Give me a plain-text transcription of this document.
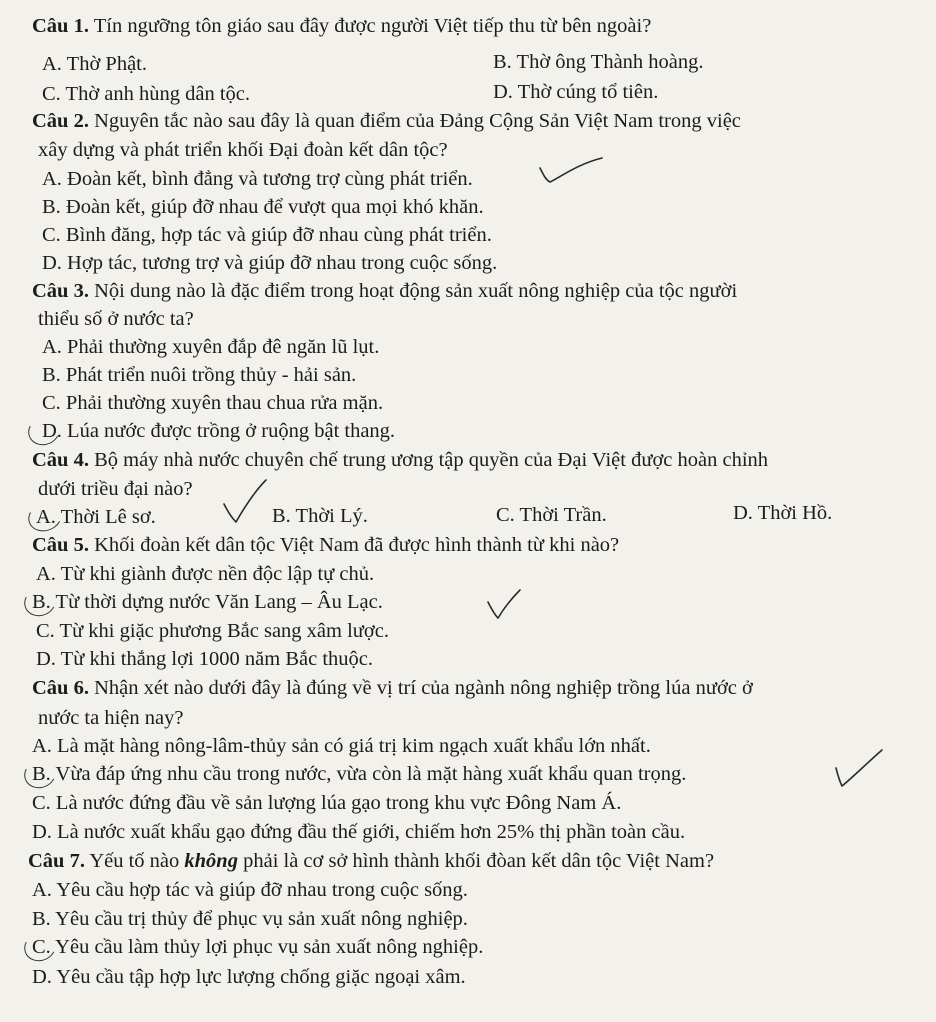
Câu 1. Tín ngưỡng tôn giáo sau đây được người Việt tiếp thu từ bên ngoài?
A. Thờ Phật.	B. Thờ ông Thành hoàng.
C. Thờ anh hùng dân tộc.	D. Thờ cúng tổ tiên.
Câu 2. Nguyên tắc nào sau đây là quan điểm của Đảng Cộng Sản Việt Nam trong việc
xây dựng và phát triển khối Đại đoàn kết dân tộc?
A. Đoàn kết, bình đẳng và tương trợ cùng phát triển.
B. Đoàn kết, giúp đỡ nhau để vượt qua mọi khó khăn.
C. Bình đăng, hợp tác và giúp đỡ nhau cùng phát triển.
D. Hợp tác, tương trợ và giúp đỡ nhau trong cuộc sống.
Câu 3. Nội dung nào là đặc điểm trong hoạt động sản xuất nông nghiệp của tộc người
thiểu số ở nước ta?
A. Phải thường xuyên đắp đê ngăn lũ lụt.
B. Phát triển nuôi trồng thủy - hải sản.
C. Phải thường xuyên thau chua rửa mặn.
D. Lúa nước được trồng ở ruộng bật thang.
Câu 4. Bộ máy nhà nước chuyên chế trung ương tập quyền của Đại Việt được hoàn chỉnh
dưới triều đại nào?
A. Thời Lê sơ.	B. Thời Lý.	C. Thời Trần.	D. Thời Hồ.
Câu 5. Khối đoàn kết dân tộc Việt Nam đã được hình thành từ khi nào?
A. Từ khi giành được nền độc lập tự chủ.
B. Từ thời dựng nước Văn Lang – Âu Lạc.
C. Từ khi giặc phương Bắc sang xâm lược.
D. Từ khi thắng lợi 1000 năm Bắc thuộc.
Câu 6. Nhận xét nào dưới đây là đúng về vị trí của ngành nông nghiệp trồng lúa nước ở
nước ta hiện nay?
A. Là mặt hàng nông-lâm-thủy sản có giá trị kim ngạch xuất khẩu lớn nhất.
B. Vừa đáp ứng nhu cầu trong nước, vừa còn là mặt hàng xuất khẩu quan trọng.
C. Là nước đứng đầu về sản lượng lúa gạo trong khu vực Đông Nam Á.
D. Là nước xuất khẩu gạo đứng đầu thế giới, chiếm hơn 25% thị phần toàn cầu.
Câu 7. Yếu tố nào không phải là cơ sở hình thành khối đòan kết dân tộc Việt Nam?
A. Yêu cầu hợp tác và giúp đỡ nhau trong cuộc sống.
B. Yêu cầu trị thủy để phục vụ sản xuất nông nghiệp.
C. Yêu cầu làm thủy lợi phục vụ sản xuất nông nghiệp.
D. Yêu cầu tập hợp lực lượng chống giặc ngoại xâm.
